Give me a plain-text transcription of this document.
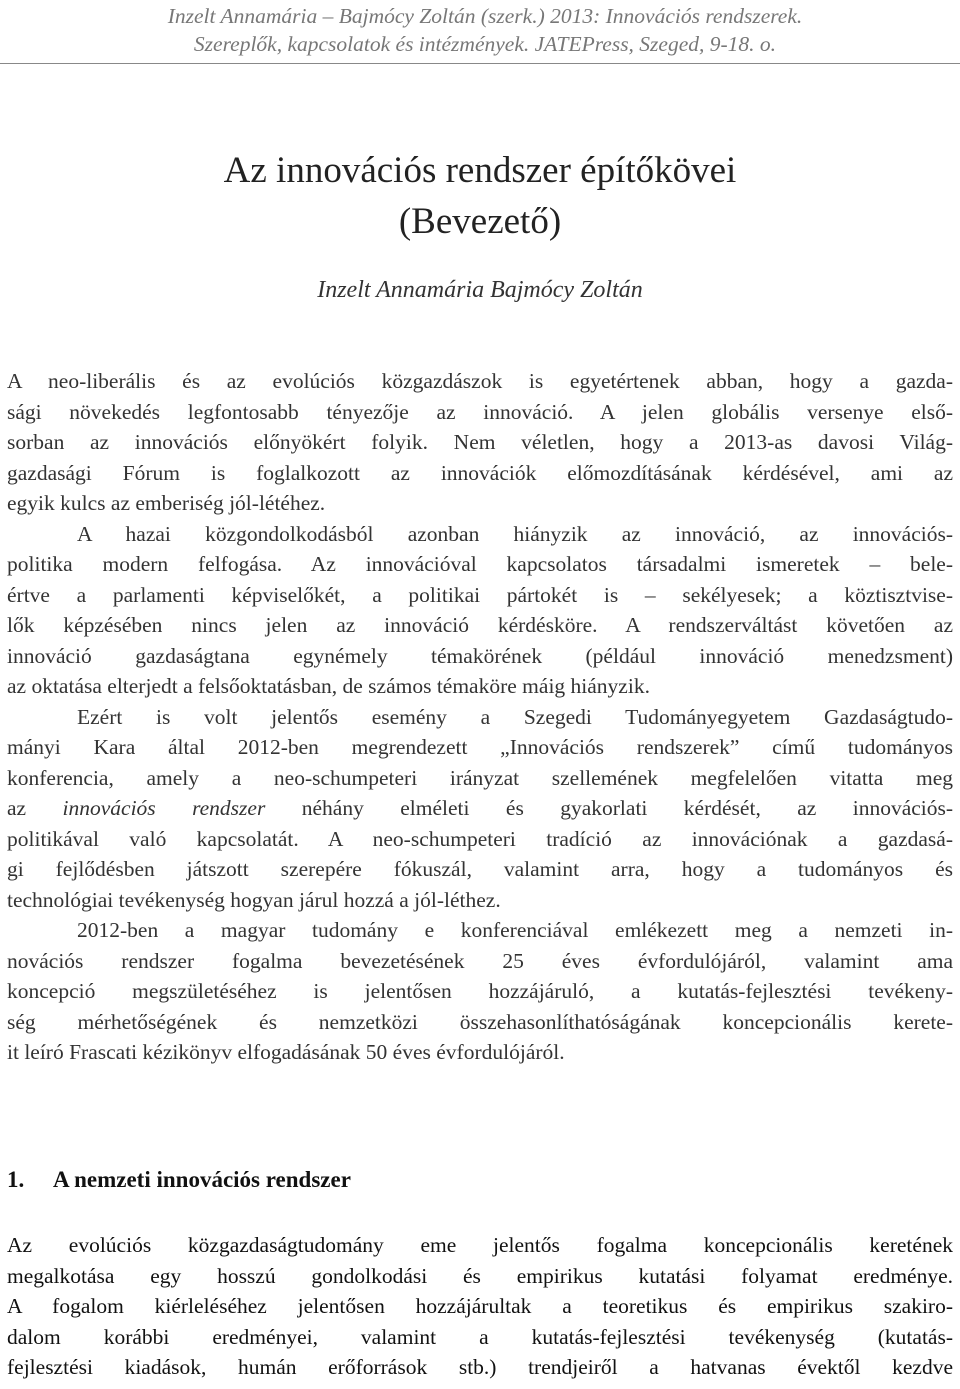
Inzelt Annamária – Bajmócy Zoltán (szerk.) 2013: Innovációs rendszerek.
Szereplők, kapcsolatok és intézmények. JATEPress, Szeged, 9-18. o.
Az innovációs rendszer építőkövei
(Bevezető)
Inzelt Annamária Bajmócy Zoltán
A neo-liberális és az evolúciós közgazdászok is egyetértenek abban, hogy a gazda-
sági növekedés legfontosabb tényezője az innováció. A jelen globális versenye első-
sorban az innovációs előnyökért folyik. Nem véletlen, hogy a 2013-as davosi Világ-
gazdasági Fórum is foglalkozott az innovációk előmozdításának kérdésével, ami az
egyik kulcs az emberiség jól-létéhez.
A hazai közgondolkodásból azonban hiányzik az innováció, az innovációs-
politika modern felfogása. Az innovációval kapcsolatos társadalmi ismeretek – bele-
értve a parlamenti képviselőkét, a politikai pártokét is – sekélyesek; a köztisztvise-
lők képzésében nincs jelen az innováció kérdésköre. A rendszerváltást követően az
innováció gazdaságtana egynémely témakörének (például innováció menedzsment)
az oktatása elterjedt a felsőoktatásban, de számos témaköre máig hiányzik.
Ezért is volt jelentős esemény a Szegedi Tudományegyetem Gazdaságtudo-
mányi Kara által 2012-ben megrendezett „Innovációs rendszerek” című tudományos
konferencia, amely a neo-schumpeteri irányzat szellemének megfelelően vitatta meg
az innovációs rendszer néhány elméleti és gyakorlati kérdését, az innovációs-
politikával való kapcsolatát. A neo-schumpeteri tradíció az innovációnak a gazdasá-
gi fejlődésben játszott szerepére fókuszál, valamint arra, hogy a tudományos és
technológiai tevékenység hogyan járul hozzá a jól-léthez.
2012-ben a magyar tudomány e konferenciával emlékezett meg a nemzeti in-
novációs rendszer fogalma bevezetésének 25 éves évfordulójáról, valamint ama
koncepció megszületéséhez is jelentősen hozzájáruló, a kutatás-fejlesztési tevékeny-
ség mérhetőségének és nemzetközi összehasonlíthatóságának koncepcionális kerete-
it leíró Frascati kézikönyv elfogadásának 50 éves évfordulójáról.
1. A nemzeti innovációs rendszer
Az evolúciós közgazdaságtudomány eme jelentős fogalma koncepcionális keretének
megalkotása egy hosszú gondolkodási és empirikus kutatási folyamat eredménye.
A fogalom kiérleléséhez jelentősen hozzájárultak a teoretikus és empirikus szakiro-
dalom korábbi eredményei, valamint a kutatás-fejlesztési tevékenység (kutatás-
fejlesztési kiadások, humán erőforrások stb.) trendjeiről a hatvanas évektől kezdve
